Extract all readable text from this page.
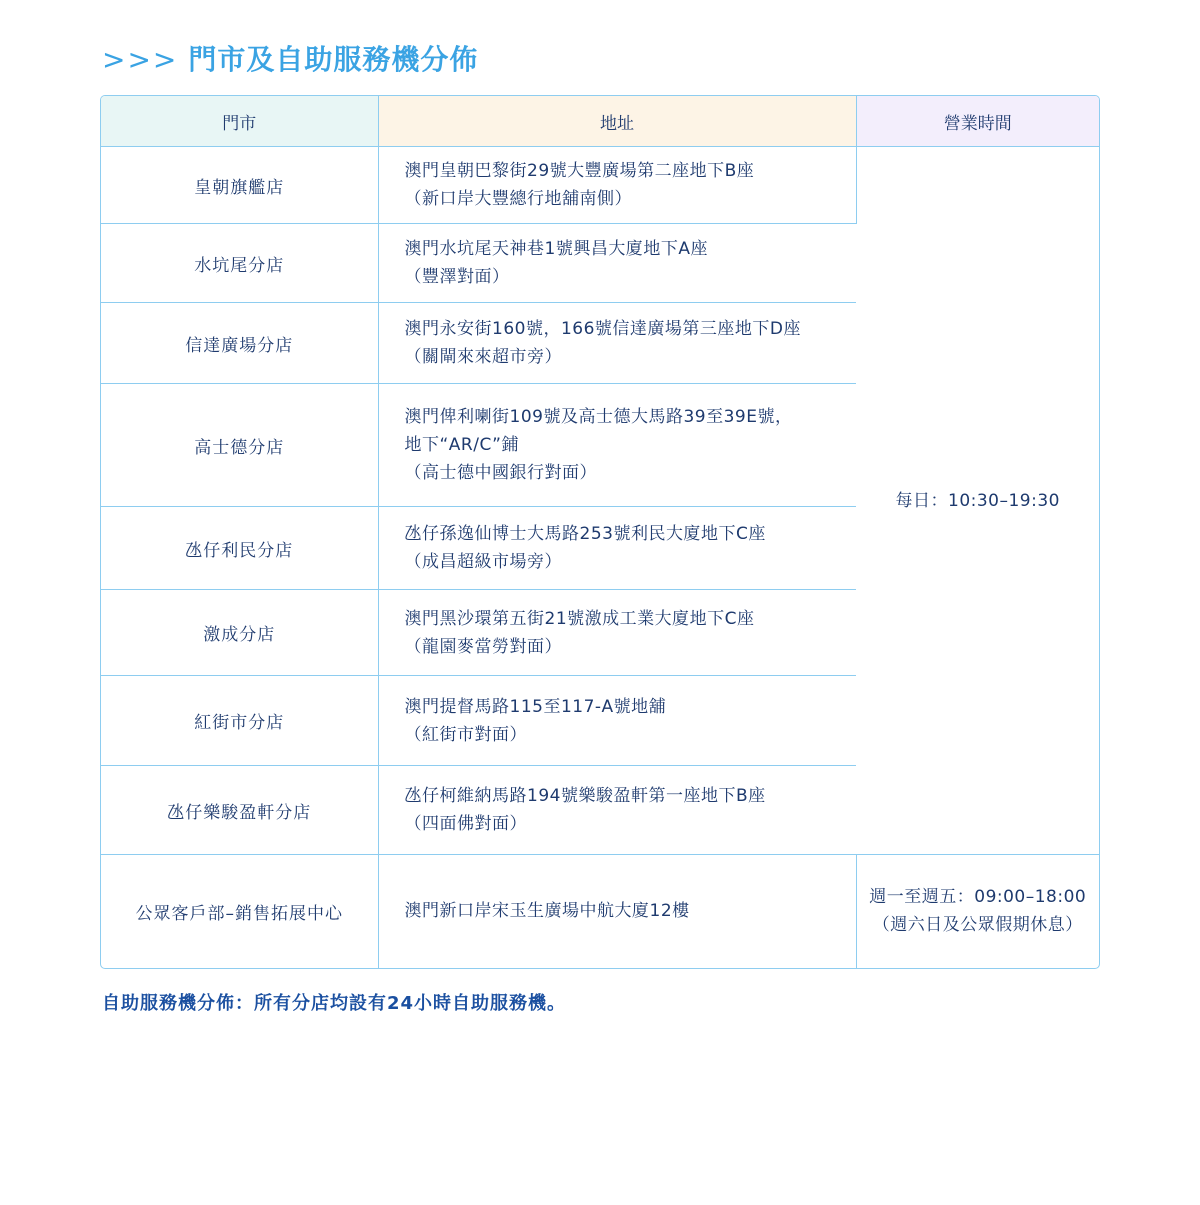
>>> 門市及自助服務機分佈
門市	地址	營業時間
皇朝旗艦店	澳門皇朝巴黎街29號大豐廣場第二座地下B座
（新口岸大豐總行地舖南側）	每日：10:30–19:30
水坑尾分店	澳門水坑尾天神巷1號興昌大廈地下A座
（豐澤對面）	

信達廣場分店	澳門永安街160號，166號信達廣場第三座地下D座
（關閘來來超市旁）	

高士德分店	澳門俾利喇街109號及高士德大馬路39至39E號，
地下“AR/C”鋪
（高士德中國銀行對面）	

氹仔利民分店	氹仔孫逸仙博士大馬路253號利民大廈地下C座
（成昌超級市場旁）	

激成分店	澳門黑沙環第五街21號激成工業大廈地下C座
（龍園麥當勞對面）	

紅街市分店	澳門提督馬路115至117-A號地舖
（紅街市對面）	

氹仔樂駿盈軒分店	氹仔柯維納馬路194號樂駿盈軒第一座地下B座
（四面佛對面）	

公眾客戶部–銷售拓展中心	澳門新口岸宋玉生廣場中航大廈12樓	週一至週五：09:00–18:00
（週六日及公眾假期休息）
自助服務機分佈：所有分店均設有24小時自助服務機。
